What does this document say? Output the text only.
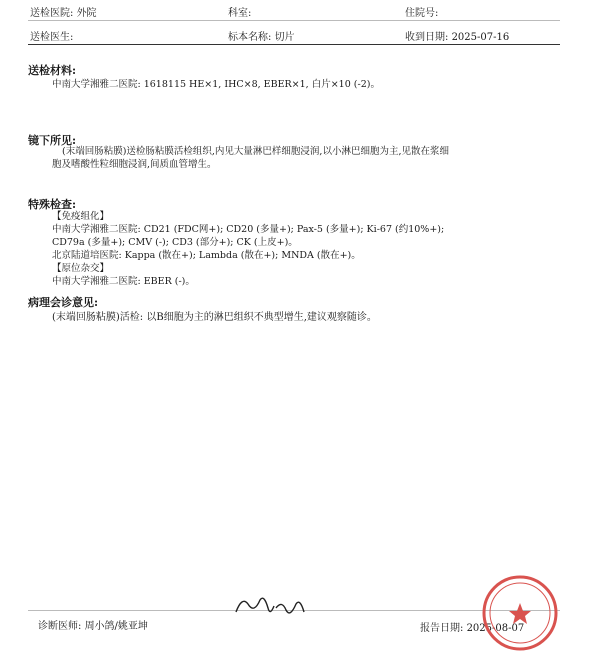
送检医院: 外院	科室:	住院号:
送检医生:	标本名称: 切片	收到日期: 2025-07-16
送检材料:
中南大学湘雅二医院: 1618115 HE×1, IHC×8, EBER×1, 白片×10 (-2)。
镜下所见:
(末端回肠粘膜)送检肠粘膜活检组织,内见大量淋巴样细胞浸润,以小淋巴细胞为主,见散在浆细
胞及嗜酸性粒细胞浸润,间质血管增生。
特殊检查:
【免疫组化】
中南大学湘雅二医院: CD21 (FDC网+); CD20 (多量+); Pax-5 (多量+); Ki-67 (约10%+);
CD79a (多量+); CMV (-); CD3 (部分+); CK (上皮+)。
北京陆道培医院: Kappa (散在+); Lambda (散在+); MNDA (散在+)。
【原位杂交】
中南大学湘雅二医院: EBER (-)。
病理会诊意见:
(末端回肠粘膜)活检: 以B细胞为主的淋巴组织不典型增生,建议观察随诊。
诊断医师: 周小鸽/姚亚坤	报告日期: 2025-08-07
